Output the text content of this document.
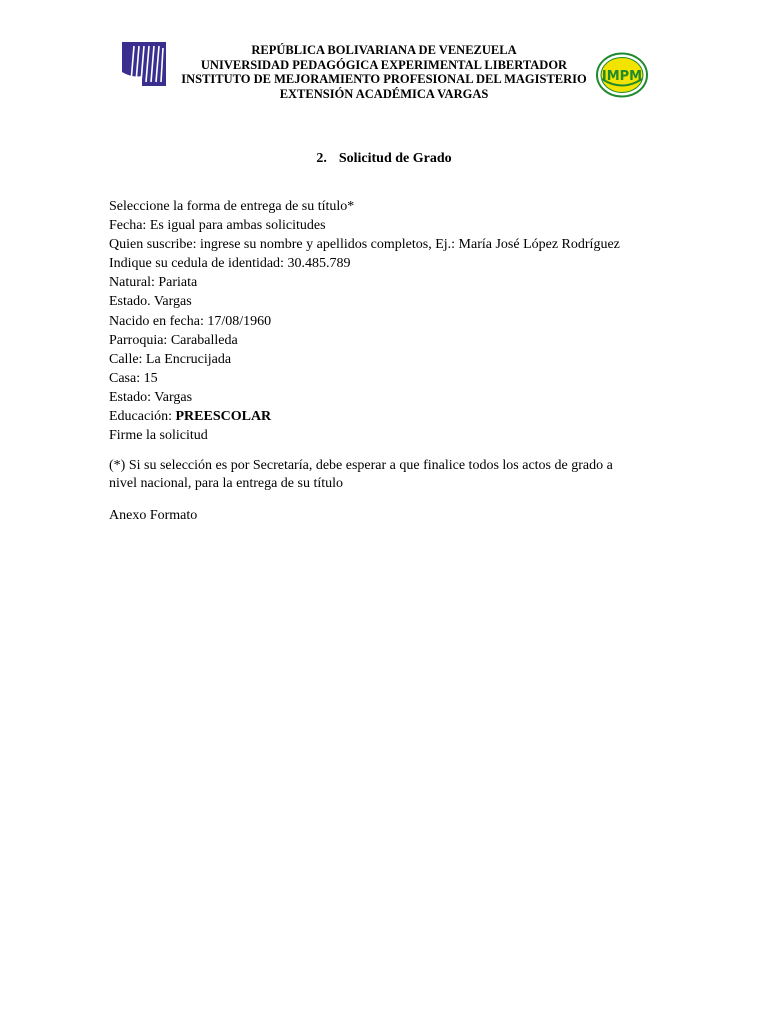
REPÚBLICA BOLIVARIANA DE VENEZUELA
UNIVERSIDAD PEDAGÓGICA EXPERIMENTAL LIBERTADOR
INSTITUTO DE MEJORAMIENTO PROFESIONAL DEL MAGISTERIO
EXTENSIÓN ACADÉMICA VARGAS
IMPM
2. Solicitud de Grado
Seleccione la forma de entrega de su título*
Fecha: Es igual para ambas solicitudes
Quien suscribe: ingrese su nombre y apellidos completos, Ej.: María José López Rodríguez
Indique su cedula de identidad: 30.485.789
Natural: Pariata
Estado. Vargas
Nacido en fecha: 17/08/1960
Parroquia: Caraballeda
Calle: La Encrucijada
Casa: 15
Estado: Vargas
Educación: PREESCOLAR
Firme la solicitud
(*) Si su selección es por Secretaría, debe esperar a que finalice todos los actos de grado a
nivel nacional, para la entrega de su título
Anexo Formato
